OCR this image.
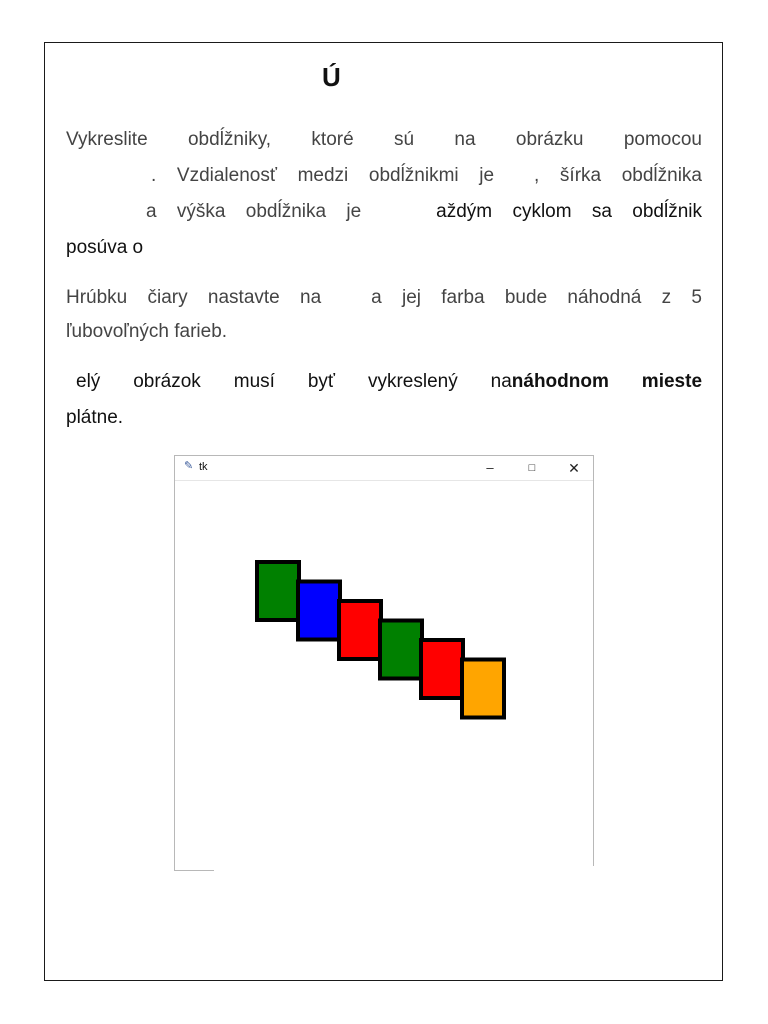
Ú
Vykreslite obdĺžniky, ktoré sú na obrázku pomocou
. Vzdialenosť medzi obdĺžnikmi je , šírka obdĺžnika
a výška obdĺžnika je	aždým cyklom sa obdĺžnik
posúva o
Hrúbku čiary nastavte na	a jej farba bude náhodná z 5
ľubovoľných farieb.
elý obrázok musí byť vykreslený nanáhodnom mieste
plátne.
✎ tk	–	□	✕
